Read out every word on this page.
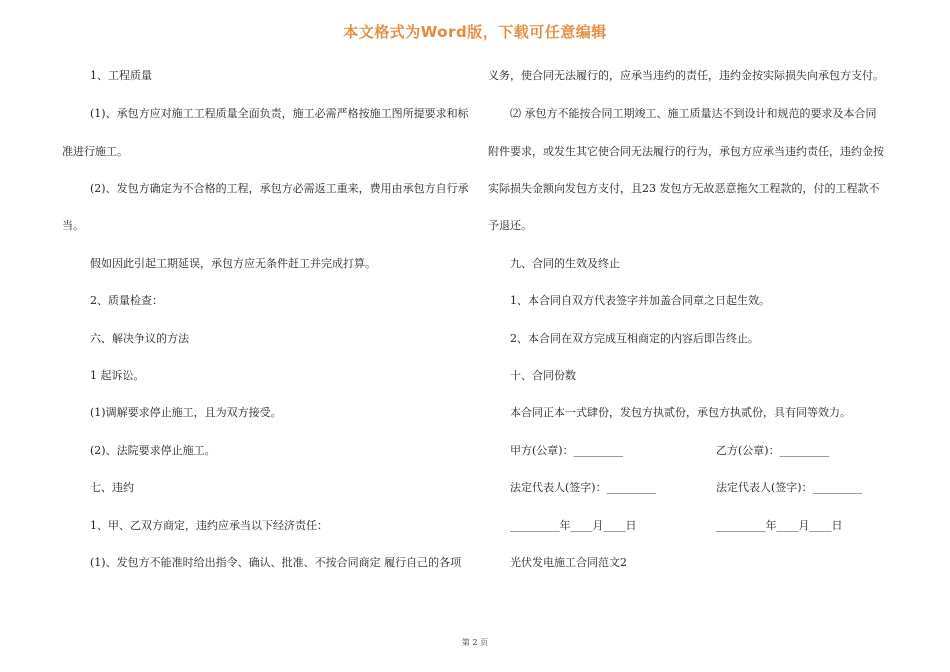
本文格式为Word版，下载可任意编辑
1、工程质量
(1)、承包方应对施工工程质量全面负责，施工必需严格按施工图所提要求和标
准进行施工。
(2)、发包方确定为不合格的工程，承包方必需返工重来，费用由承包方自行承
当。
假如因此引起工期延误，承包方应无条件赶工并完成打算。
2、质量检查：
六、解决争议的方法
1 起诉讼。
(1)调解要求停止施工，且为双方接受。
(2)、法院要求停止施工。
七、违约
1、甲、乙双方商定，违约应承当以下经济责任：
(1)、发包方不能准时给出指令、确认、批准、不按合同商定 履行自己的各项
义务，使合同无法履行的，应承当违约的责任，违约金按实际损失向承包方支付。
⑵ 承包方不能按合同工期竣工、施工质量达不到设计和规范的要求及本合同
附件要求，或发生其它使合同无法履行的行为，承包方应承当违约责任，违约金按
实际损失金额向发包方支付，且23 发包方无故恶意拖欠工程款的，付的工程款不
予退还。
九、合同的生效及终止
1、本合同自双方代表签字并加盖合同章之日起生效。
2、本合同在双方完成互相商定的内容后即告终止。
十、合同份数
本合同正本一式肆份，发包方执贰份，承包方执贰份，具有同等效力。
甲方(公章)：_________	乙方(公章)：_________
法定代表人(签字)：_________	法定代表人(签字)：_________
_________年____月____日	_________年____月____日
光伏发电施工合同范文2
第 2 页
